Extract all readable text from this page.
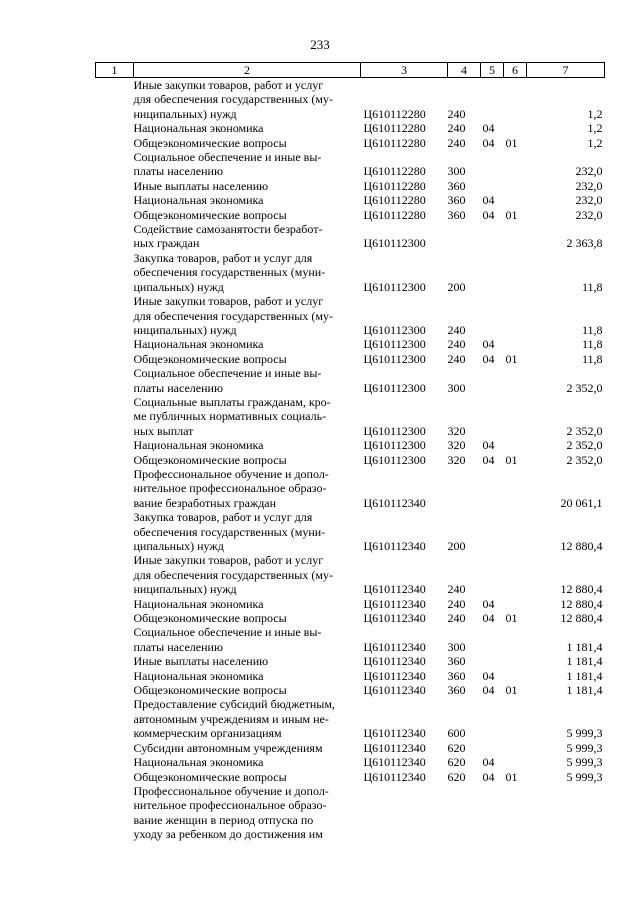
233
1	2	3	4	5	6	7
	Иные закупки товаров, работ и услуг
для обеспечения государственных (му-
ниципальных) нужд	Ц610112280	240			1,2
	Национальная экономика	Ц610112280	240	04		1,2
	Общеэкономические вопросы	Ц610112280	240	04	01	1,2
	Социальное обеспечение и иные вы-
платы населению	Ц610112280	300			232,0
	Иные выплаты населению	Ц610112280	360			232,0
	Национальная экономика	Ц610112280	360	04		232,0
	Общеэкономические вопросы	Ц610112280	360	04	01	232,0
	Содействие самозанятости безработ-
ных граждан	Ц610112300				2 363,8
	Закупка товаров, работ и услуг для
обеспечения государственных (муни-
ципальных) нужд	Ц610112300	200			11,8
	Иные закупки товаров, работ и услуг
для обеспечения государственных (му-
ниципальных) нужд	Ц610112300	240			11,8
	Национальная экономика	Ц610112300	240	04		11,8
	Общеэкономические вопросы	Ц610112300	240	04	01	11,8
	Социальное обеспечение и иные вы-
платы населению	Ц610112300	300			2 352,0
	Социальные выплаты гражданам, кро-
ме публичных нормативных социаль-
ных выплат	Ц610112300	320			2 352,0
	Национальная экономика	Ц610112300	320	04		2 352,0
	Общеэкономические вопросы	Ц610112300	320	04	01	2 352,0
	Профессиональное обучение и допол-
нительное профессиональное образо-
вание безработных граждан	Ц610112340				20 061,1
	Закупка товаров, работ и услуг для
обеспечения государственных (муни-
ципальных) нужд	Ц610112340	200			12 880,4
	Иные закупки товаров, работ и услуг
для обеспечения государственных (му-
ниципальных) нужд	Ц610112340	240			12 880,4
	Национальная экономика	Ц610112340	240	04		12 880,4
	Общеэкономические вопросы	Ц610112340	240	04	01	12 880,4
	Социальное обеспечение и иные вы-
платы населению	Ц610112340	300			1 181,4
	Иные выплаты населению	Ц610112340	360			1 181,4
	Национальная экономика	Ц610112340	360	04		1 181,4
	Общеэкономические вопросы	Ц610112340	360	04	01	1 181,4
	Предоставление субсидий бюджетным,
автономным учреждениям и иным не-
коммерческим организациям	Ц610112340	600			5 999,3
	Субсидии автономным учреждениям	Ц610112340	620			5 999,3
	Национальная экономика	Ц610112340	620	04		5 999,3
	Общеэкономические вопросы	Ц610112340	620	04	01	5 999,3
	Профессиональное обучение и допол-
нительное профессиональное образо-
вание женщин в период отпуска по
уходу за ребенком до достижения им					
